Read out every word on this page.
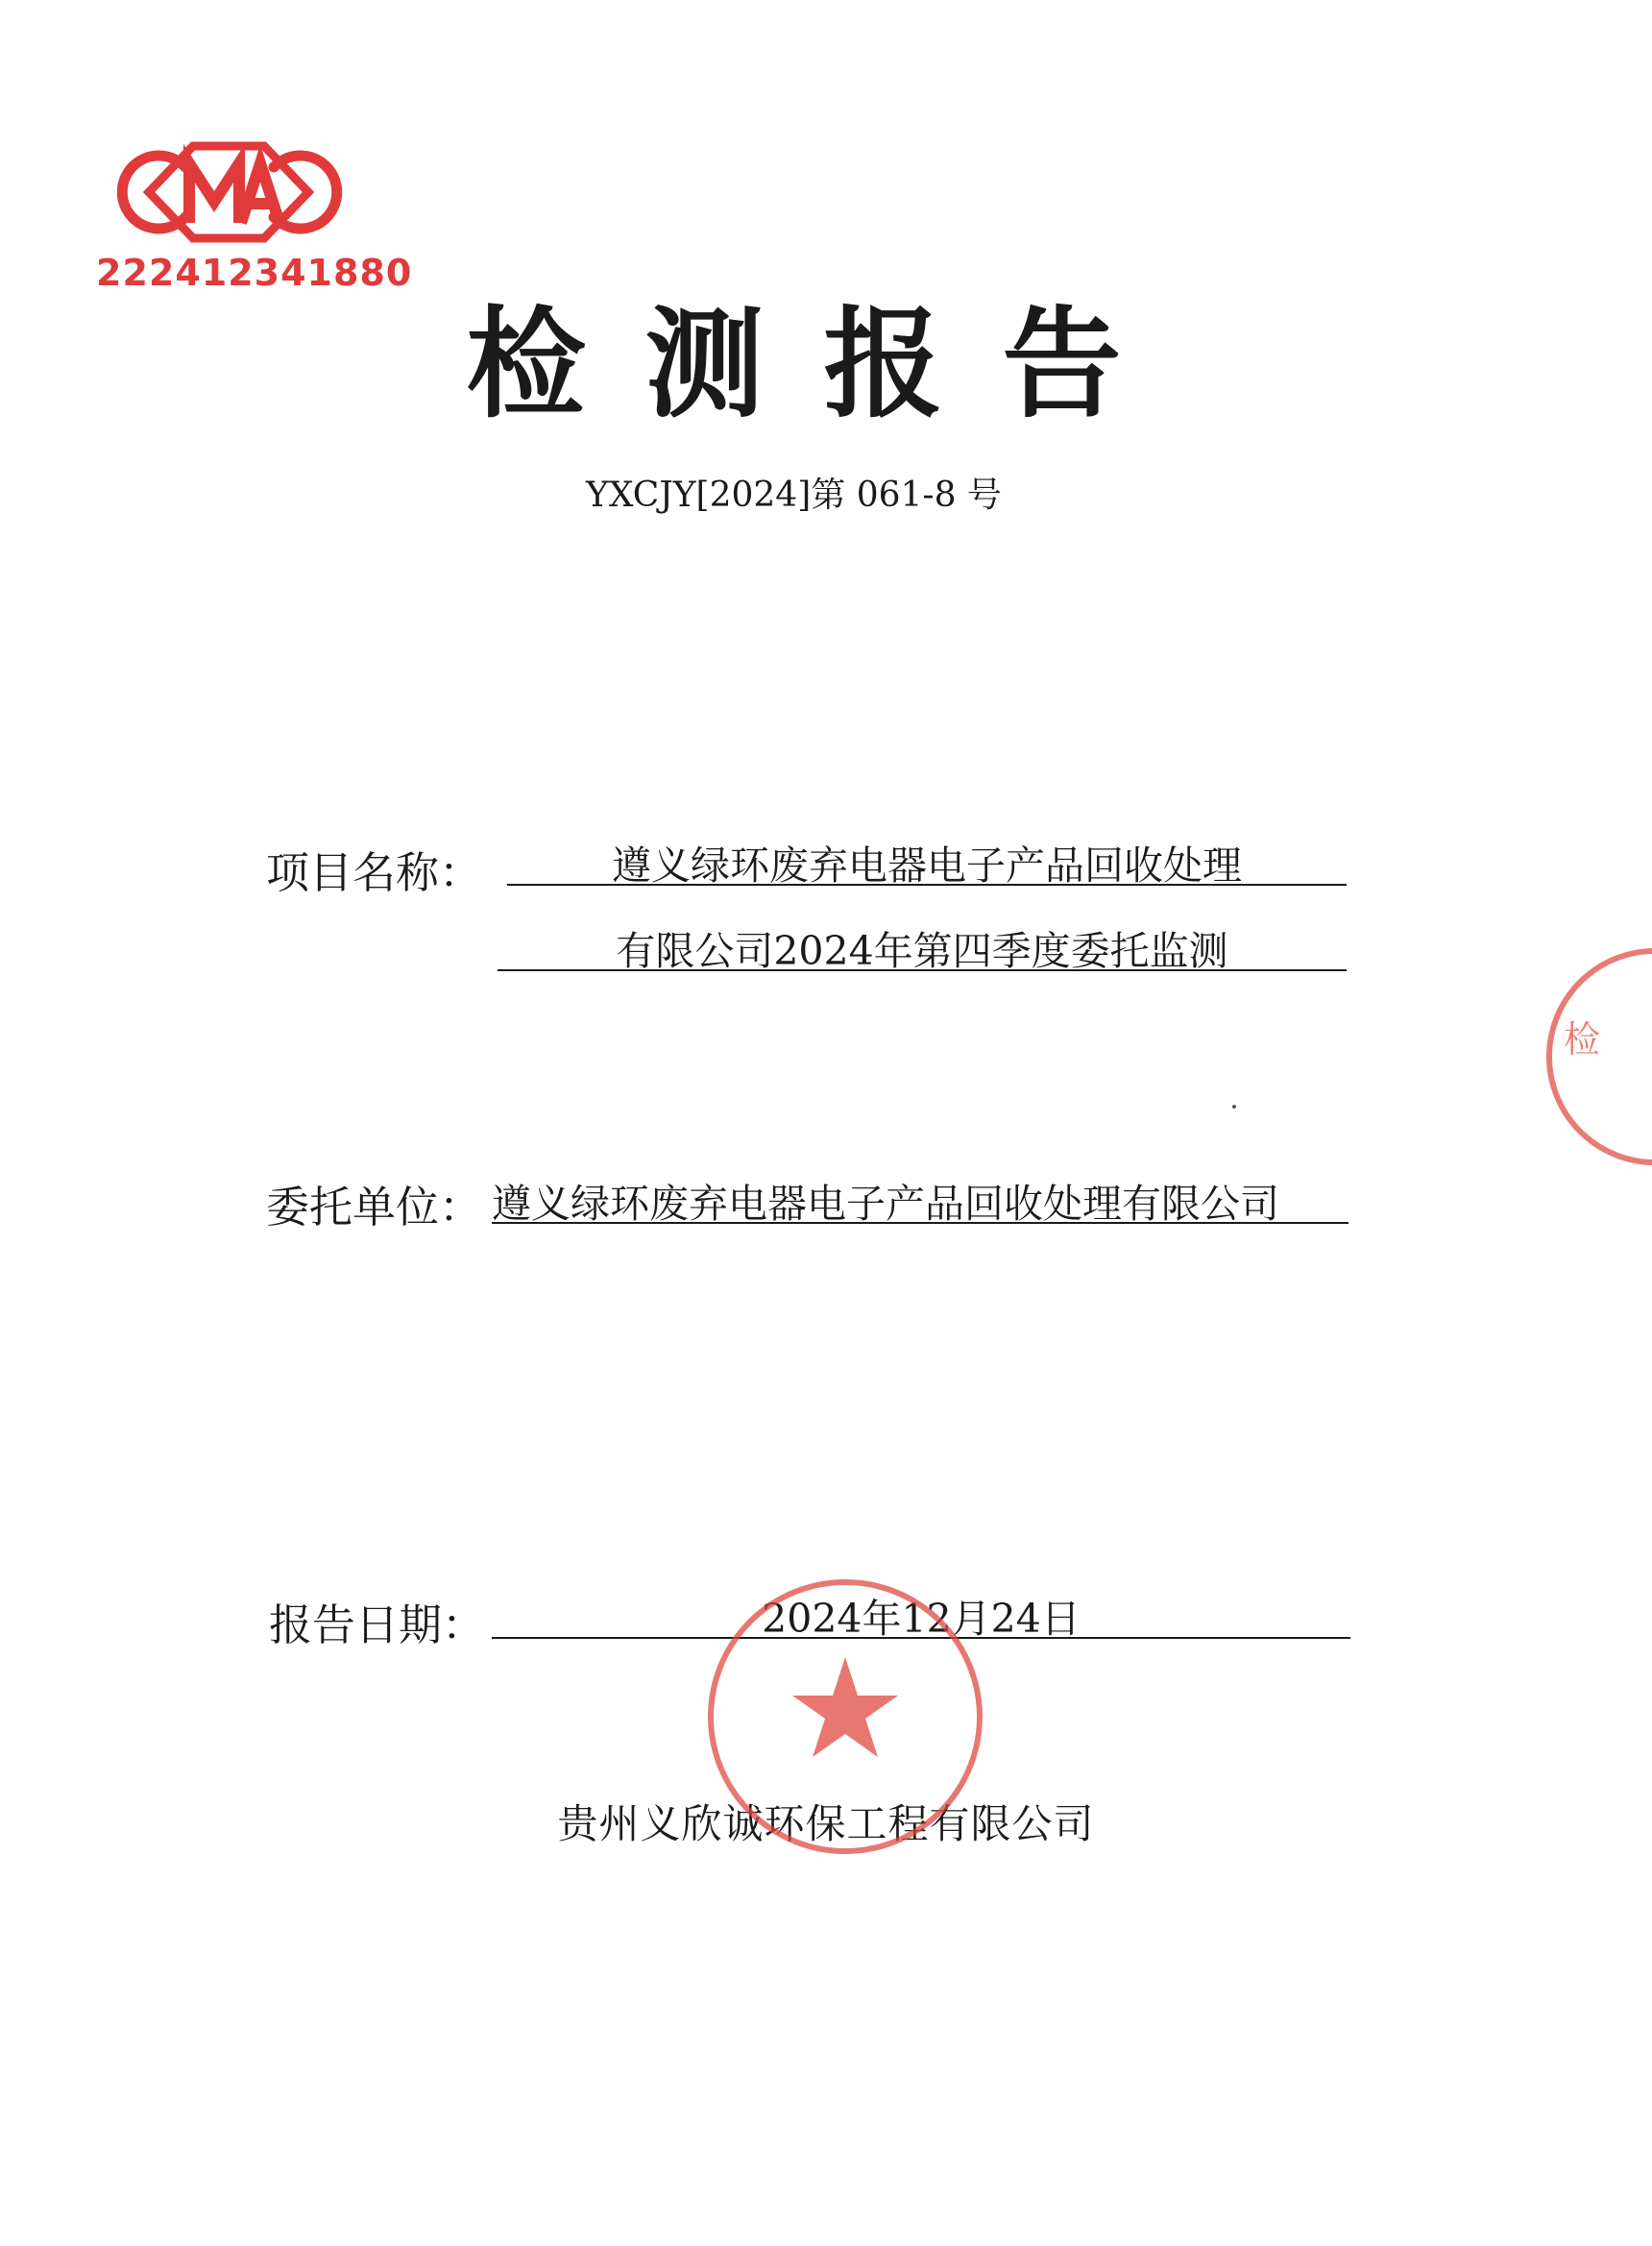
222412341880
检测报告
YXCJY[2024]第 061-8 号
项目名称：	遵义绿环废弃电器电子产品回收处理
有限公司2024年第四季度委托监测
委托单位： 遵义绿环废弃电器电子产品回收处理有限公司
报告日期：	2024年12月24日
贵州义欣诚环保工程有限公司
检
